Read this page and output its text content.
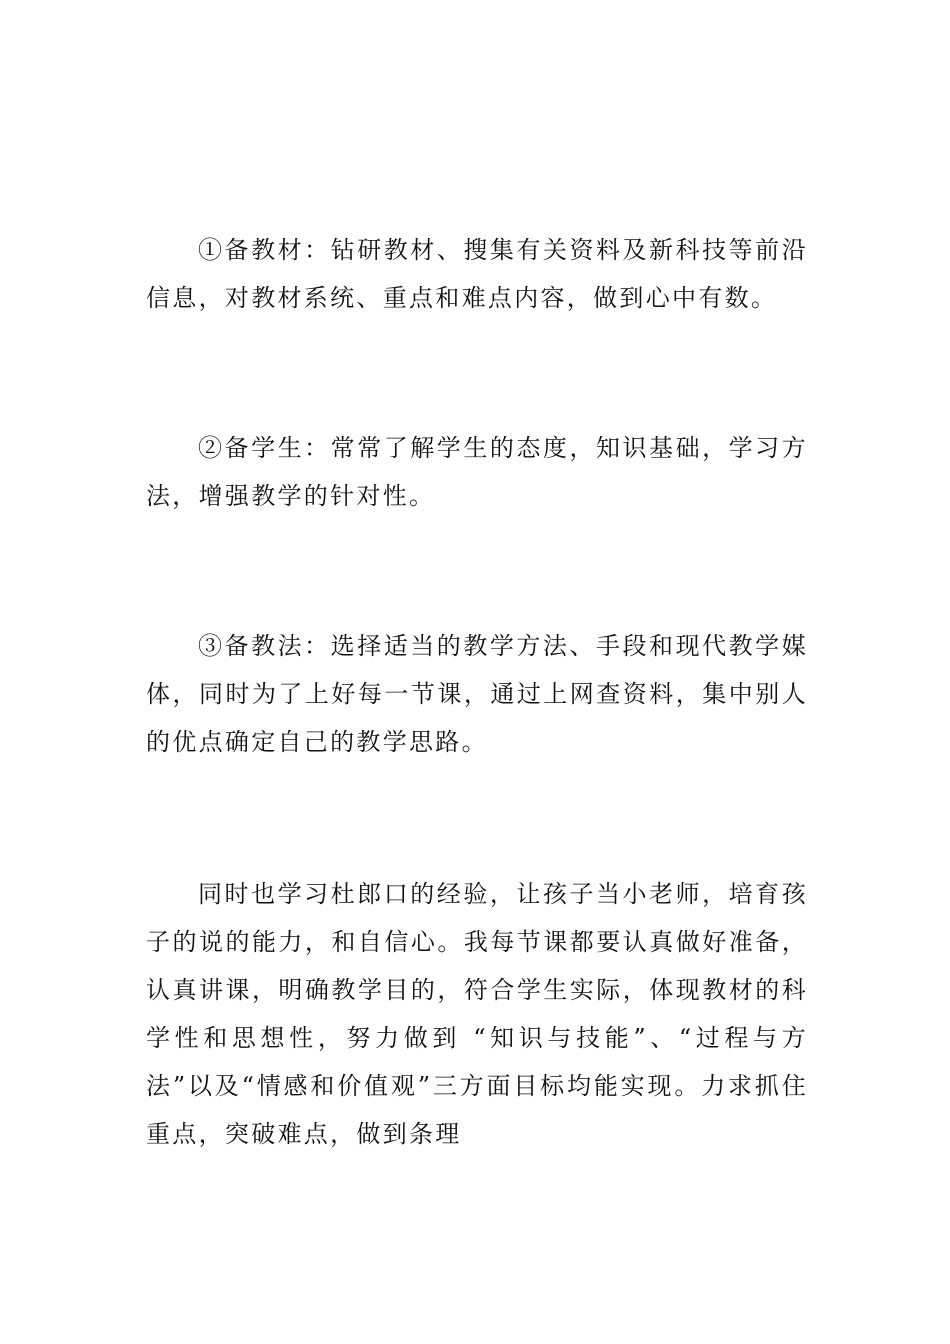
①备教材：钻研教材、搜集有关资料及新科技等前沿信息，对教材系统、重点和难点内容，做到心中有数。

②备学生：常常了解学生的态度，知识基础，学习方法，增强教学的针对性。

③备教法：选择适当的教学方法、手段和现代教学媒体，同时为了上好每一节课，通过上网查资料，集中别人的优点确定自己的教学思路。

同时也学习杜郎口的经验，让孩子当小老师，培育孩子的说的能力，和自信心。我每节课都要认真做好准备，认真讲课，明确教学目的，符合学生实际，体现教材的科学性和思想性，努力做到 “知识与技能”、“过程与方法”以及“情感和价值观”三方面目标均能实现。力求抓住重点，突破难点，做到条理
